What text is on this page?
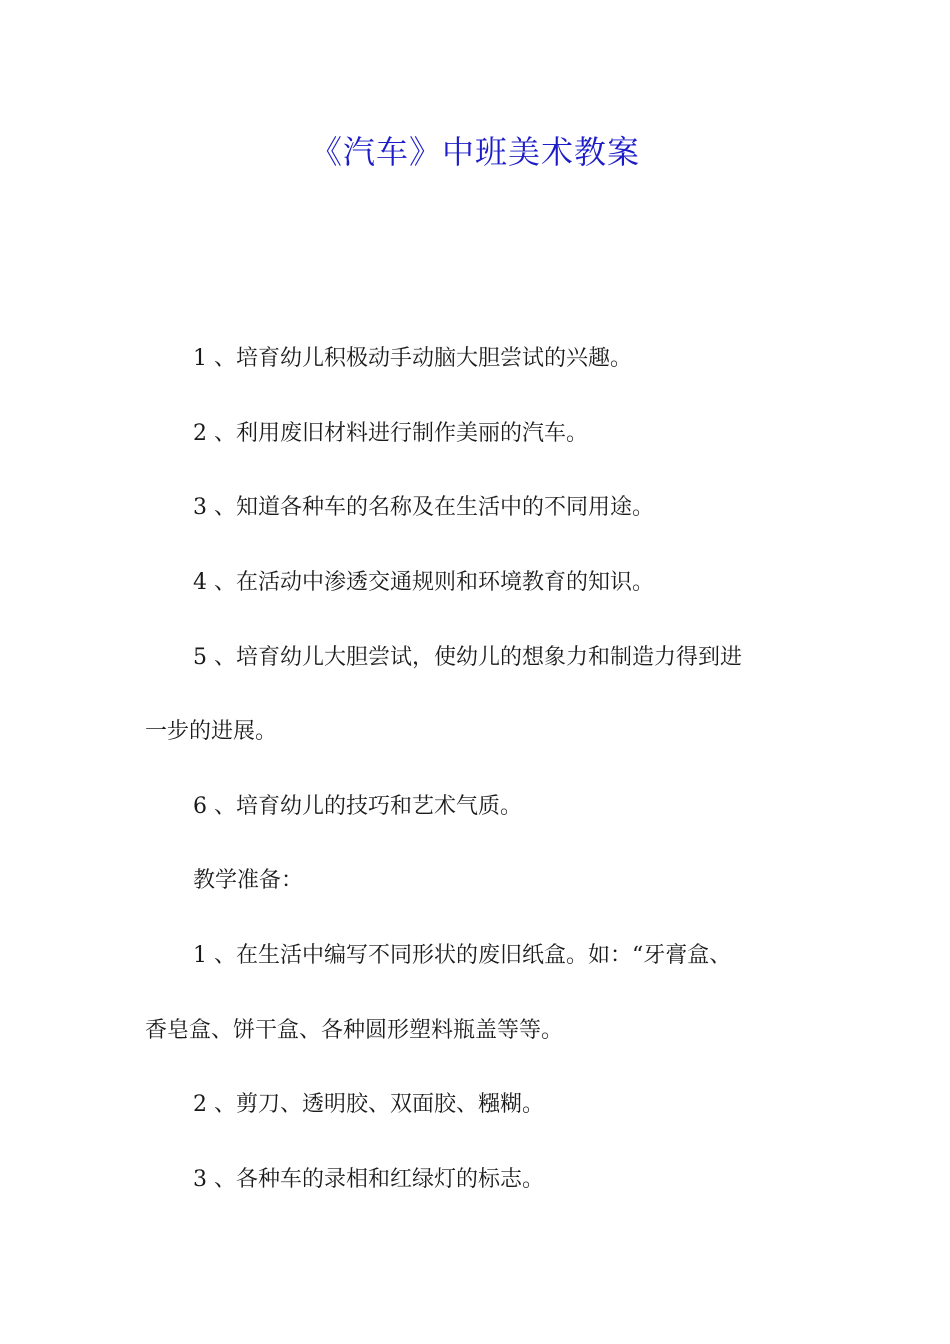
《汽车》中班美术教案
1 、培育幼儿积极动手动脑大胆尝试的兴趣。
2 、利用废旧材料进行制作美丽的汽车。
3 、知道各种车的名称及在生活中的不同用途。
4 、在活动中渗透交通规则和环境教育的知识。
5 、培育幼儿大胆尝试，使幼儿的想象力和制造力得到进
一步的进展。
6 、培育幼儿的技巧和艺术气质。
教学准备：
1 、在生活中编写不同形状的废旧纸盒。如：“牙膏盒、
香皂盒、饼干盒、各种圆形塑料瓶盖等等。
2 、剪刀、透明胶、双面胶、糨糊。
3 、各种车的录相和红绿灯的标志。
